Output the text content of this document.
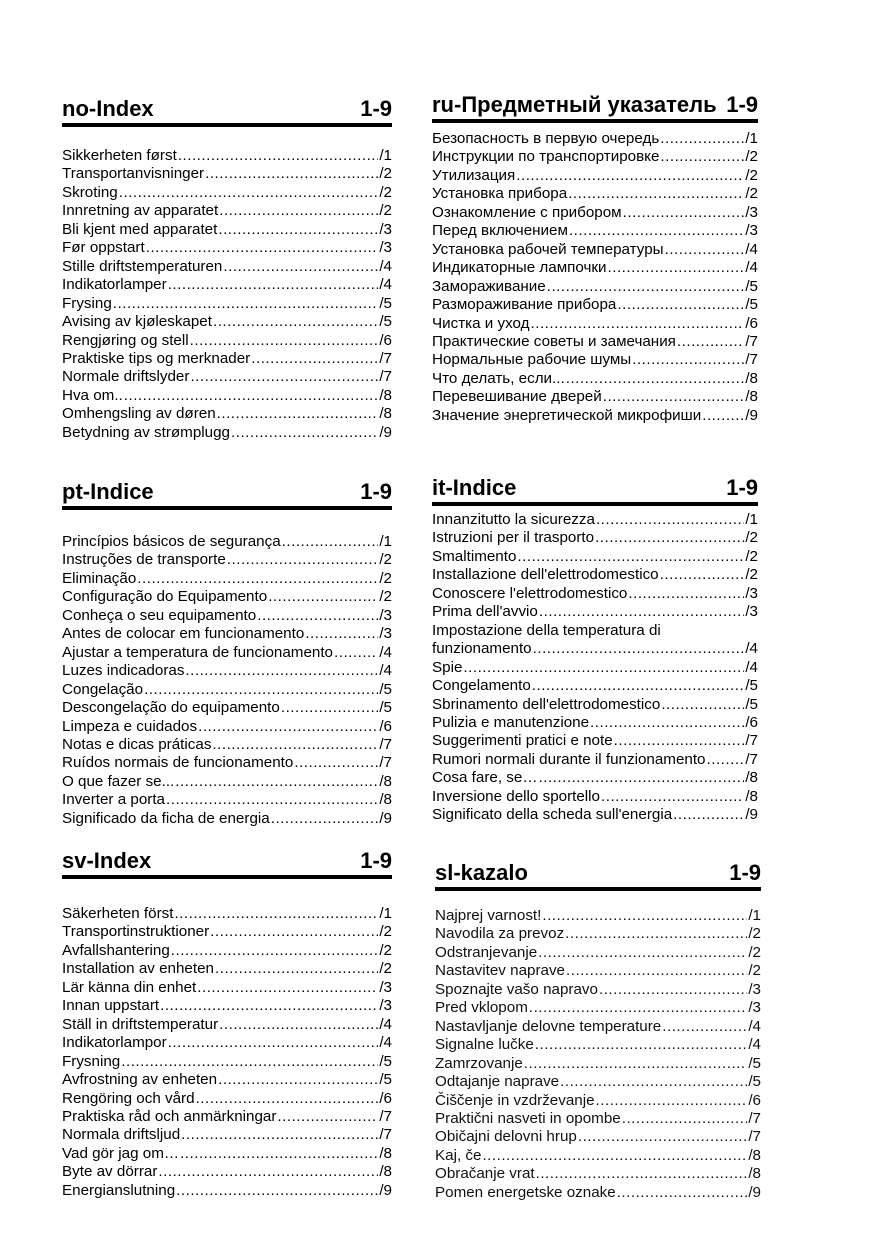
no-Index	1-9
Sikkerheten først .....	/1
Transportanvisninger .....	/2
Skroting .....	/2
Innretning av apparatet .....	/2
Bli kjent med apparatet .....	/3
Før oppstart .....	/3
Stille driftstemperaturen .....	/4
Indikatorlamper .....	/4
Frysing .....	/5
Avising av kjøleskapet .....	/5
Rengjøring og stell .....	/6
Praktiske tips og merknader .....	/7
Normale driftslyder .....	/7
Hva om.. .....	/8
Omhengsling av døren .....	/8
Betydning av strømplugg .....	/9
ru-Предметный указатель 1-9
Безопасность в первую очередь .....	/1
Инструкции по транспортировке .....	/2
Утилизация .....	/2
Установка прибора .....	/2
Ознакомление с прибором .....	/3
Перед включением .....	/3
Установка рабочей температуры .....	/4
Индикаторные лампочки .....	/4
Замораживание .....	/5
Размораживание прибора .....	/5
Чистка и уход .....	/6
Практические советы и замечания .....	/7
Нормальные рабочие шумы .....	/7
Что делать, если... .....	/8
Перевешивание дверей .....	/8
Значение энергетической микрофиши .....	/9
pt-Indice	1-9
Princípios básicos de segurança .....	/1
Instruções de transporte .....	/2
Eliminação .....	/2
Configuração do Equipamento .....	/2
Conheça o seu equipamento .....	/3
Antes de colocar em funcionamento .....	/3
Ajustar a temperatura de funcionamento .....	/4
Luzes indicadoras .....	/4
Congelação .....	/5
Descongelação do equipamento .....	/5
Limpeza e cuidados .....	/6
Notas e dicas práticas .....	/7
Ruídos normais de funcionamento .....	/7
O que fazer se... .....	/8
Inverter a porta .....	/8
Significado da ficha de energia .....	/9
it-Indice	1-9
Innanzitutto la sicurezza .....	/1
Istruzioni per il trasporto .....	/2
Smaltimento .....	/2
Installazione dell'elettrodomestico .....	/2
Conoscere l'elettrodomestico .....	/3
Prima dell'avvio .....	/3
Impostazione della temperatura di
funzionamento .....	/4
Spie .....	/4
Congelamento .....	/5
Sbrinamento dell'elettrodomestico .....	/5
Pulizia e manutenzione .....	/6
Suggerimenti pratici e note .....	/7
Rumori normali durante il funzionamento .....	/7
Cosa fare, se… .....	/8
Inversione dello sportello .....	/8
Significato della scheda sull'energia .....	/9
sv-Index	1-9
Säkerheten först .....	/1
Transportinstruktioner .....	/2
Avfallshantering .....	/2
Installation av enheten .....	/2
Lär känna din enhet .....	/3
Innan uppstart .....	/3
Ställ in driftstemperatur .....	/4
Indikatorlampor .....	/4
Frysning .....	/5
Avfrostning av enheten .....	/5
Rengöring och vård .....	/6
Praktiska råd och anmärkningar .....	/7
Normala driftsljud .....	/7
Vad gör jag om… .....	/8
Byte av dörrar .....	/8
Energianslutning .....	/9
sl-kazalo	1-9
Najprej varnost! .....	/1
Navodila za prevoz .....	/2
Odstranjevanje .....	/2
Nastavitev naprave .....	/2
Spoznajte vašo napravo .....	/3
Pred vklopom .....	/3
Nastavljanje delovne temperature .....	/4
Signalne lučke .....	/4
Zamrzovanje .....	/5
Odtajanje naprave .....	/5
Čiščenje in vzdrževanje .....	/6
Praktični nasveti in opombe .....	/7
Običajni delovni hrup .....	/7
Kaj, če .....	/8
Obračanje vrat .....	/8
Pomen energetske oznake .....	/9
